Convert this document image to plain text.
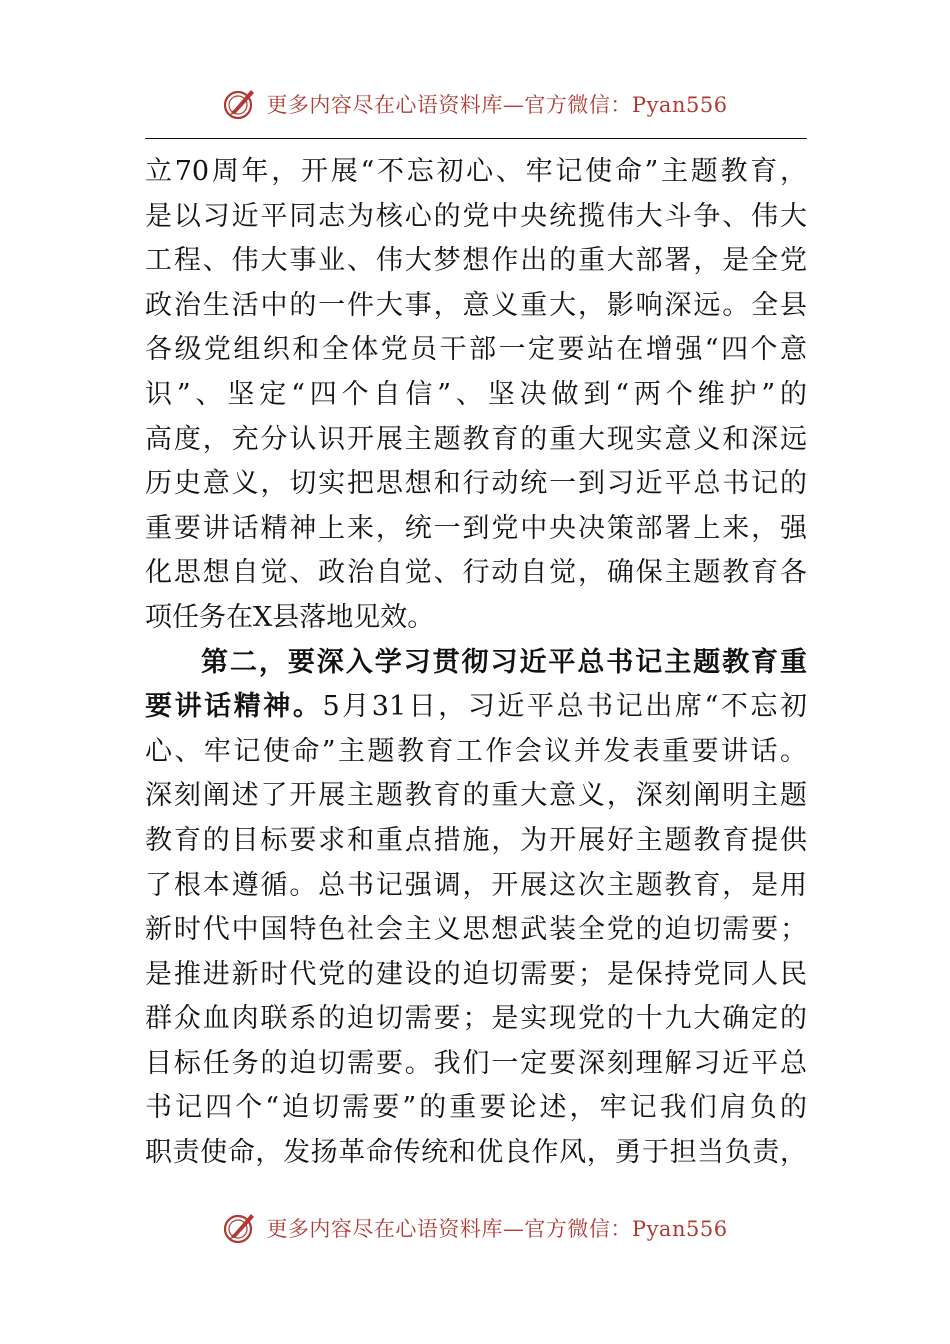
更多内容尽在心语资料库—官方微信：Pyan556
立70周年，开展“不忘初心、牢记使命”主题教育，
是以习近平同志为核心的党中央统揽伟大斗争、伟大
工程、伟大事业、伟大梦想作出的重大部署，是全党
政治生活中的一件大事，意义重大，影响深远。全县
各级党组织和全体党员干部一定要站在增强“四个意
识”、坚定“四个自信”、坚决做到“两个维护”的
高度，充分认识开展主题教育的重大现实意义和深远
历史意义，切实把思想和行动统一到习近平总书记的
重要讲话精神上来，统一到党中央决策部署上来，强
化思想自觉、政治自觉、行动自觉，确保主题教育各
项任务在X县落地见效。
第二，要深入学习贯彻习近平总书记主题教育重
要讲话精神。5月31日，习近平总书记出席“不忘初
心、牢记使命”主题教育工作会议并发表重要讲话。
深刻阐述了开展主题教育的重大意义，深刻阐明主题
教育的目标要求和重点措施，为开展好主题教育提供
了根本遵循。总书记强调，开展这次主题教育，是用
新时代中国特色社会主义思想武装全党的迫切需要；
是推进新时代党的建设的迫切需要；是保持党同人民
群众血肉联系的迫切需要；是实现党的十九大确定的
目标任务的迫切需要。我们一定要深刻理解习近平总
书记四个“迫切需要”的重要论述，牢记我们肩负的
职责使命，发扬革命传统和优良作风，勇于担当负责，
更多内容尽在心语资料库—官方微信：Pyan556
